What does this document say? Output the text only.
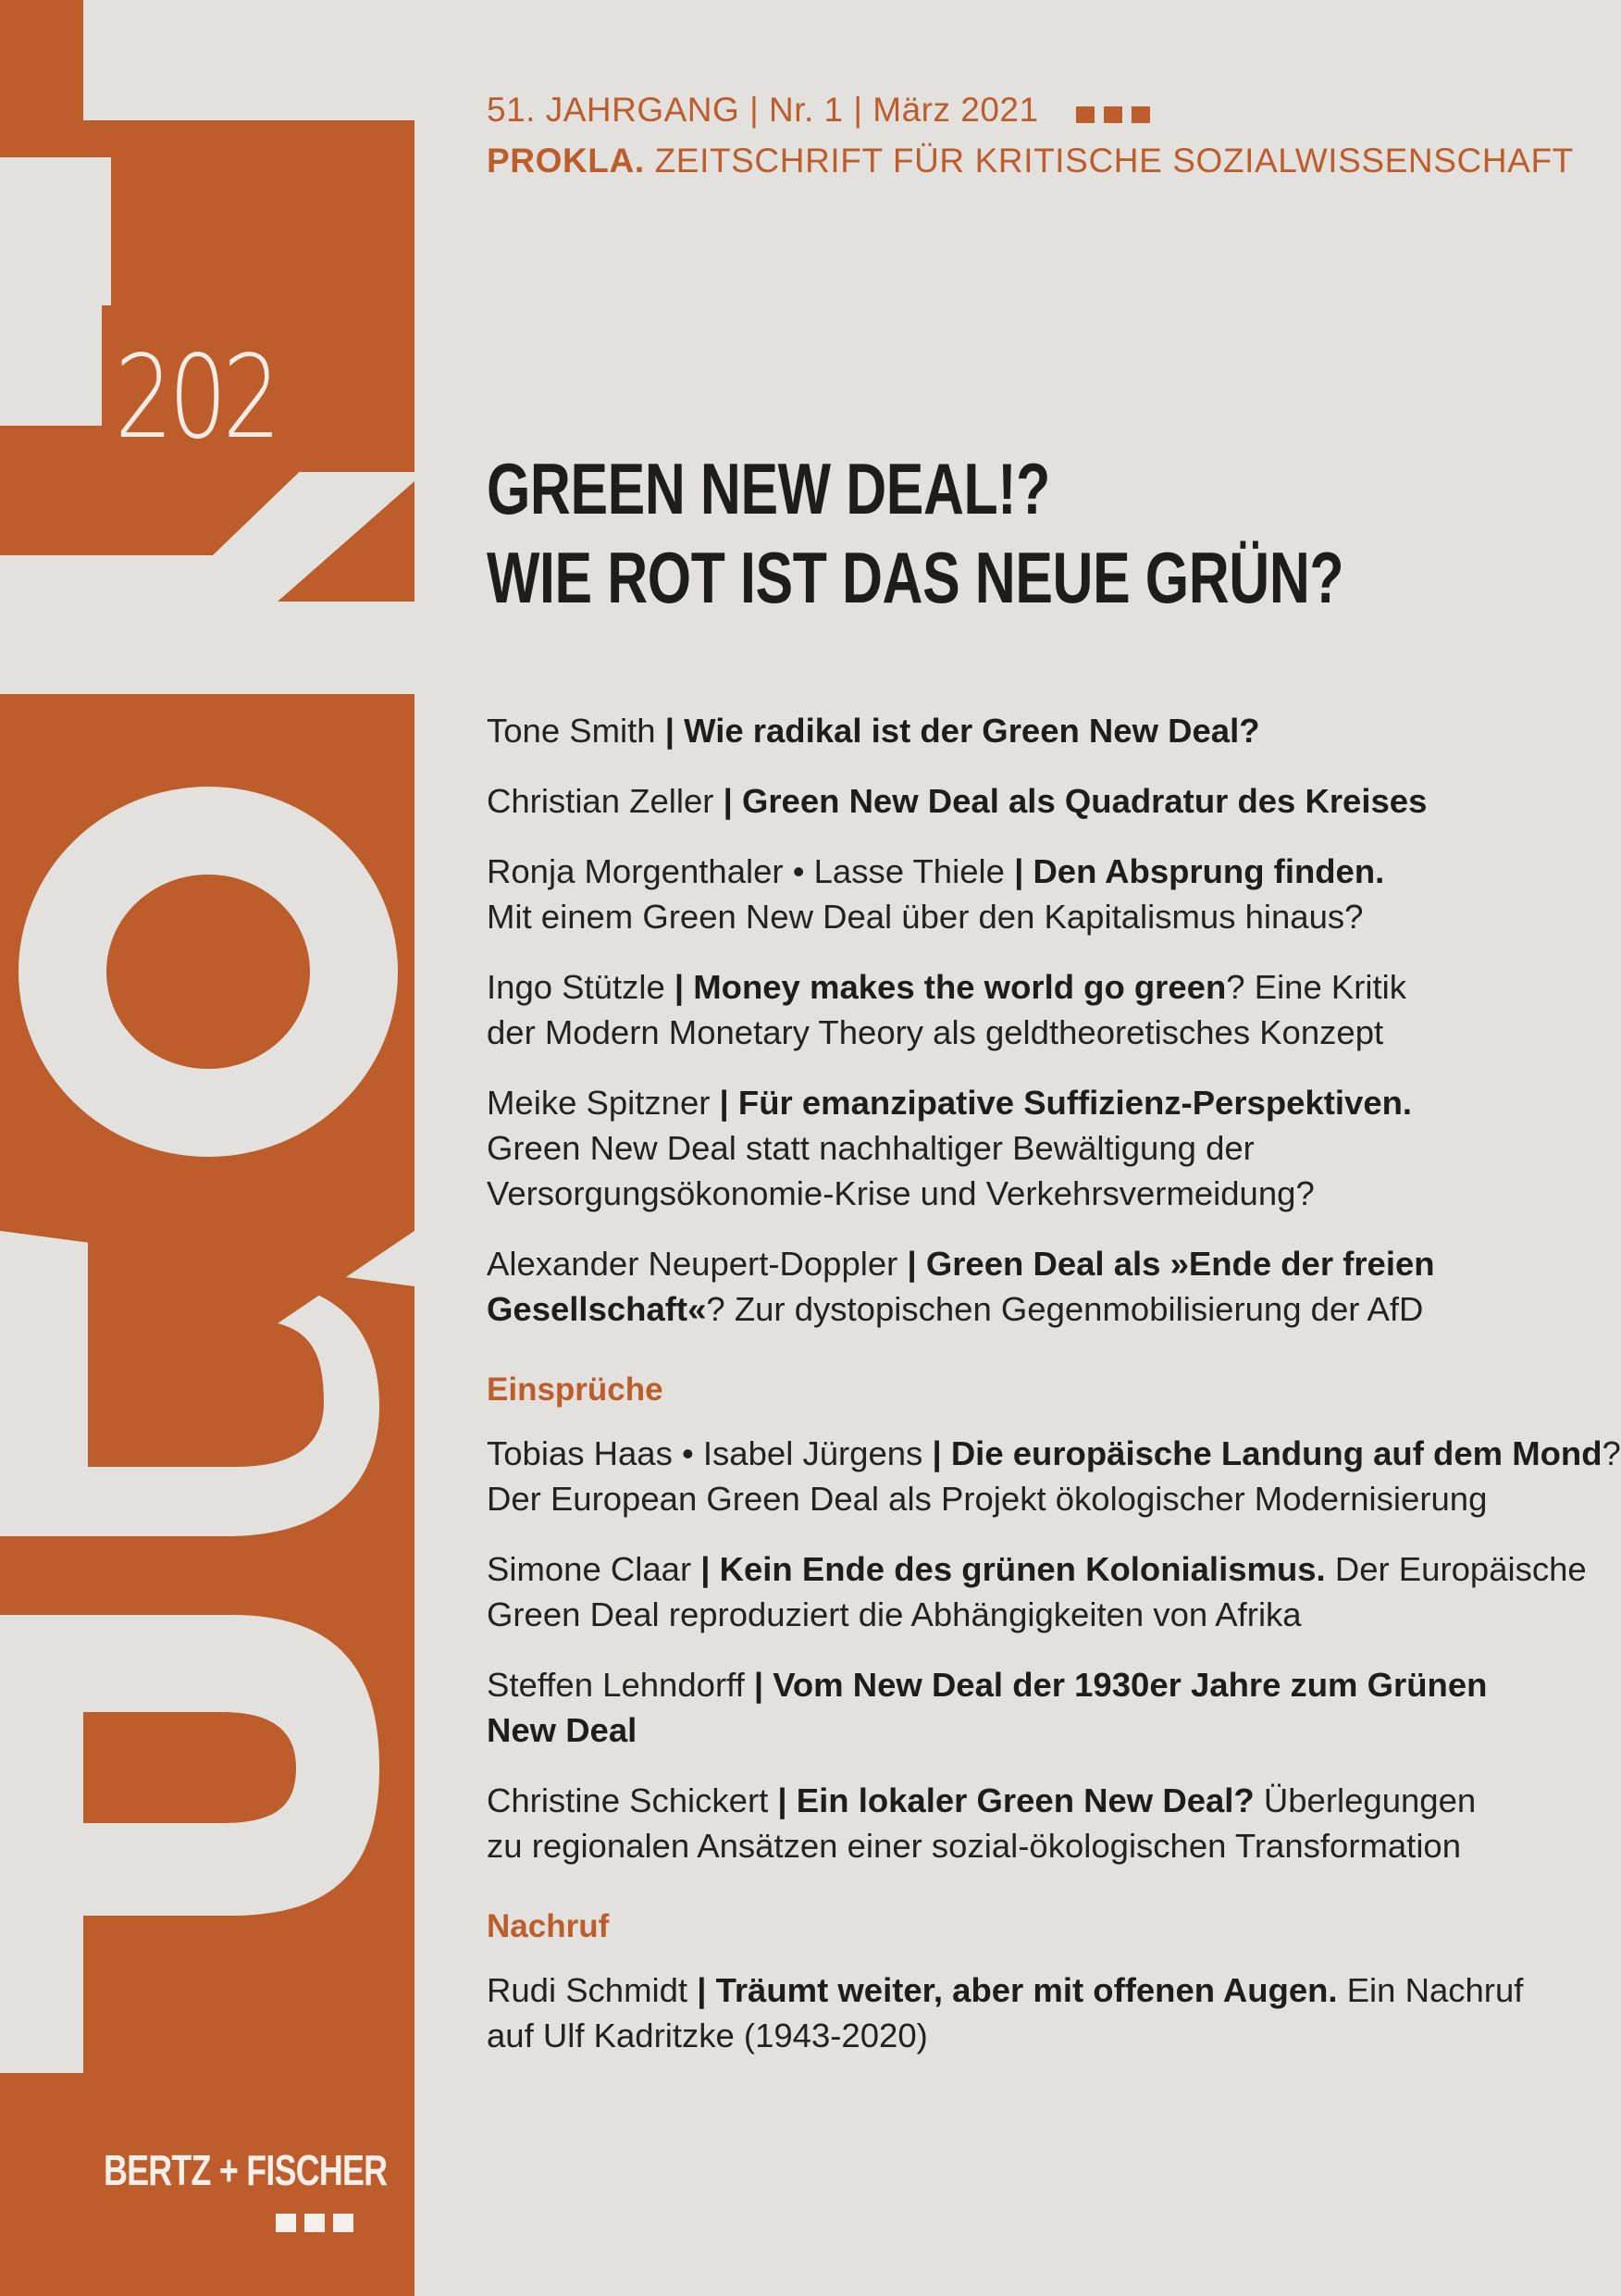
202
BERTZ + FISCHER
51. JAHRGANG | Nr. 1 | März 2021
PROKLA. ZEITSCHRIFT FÜR KRITISCHE SOZIALWISSENSCHAFT
GREEN NEW DEAL!?
WIE ROT IST DAS NEUE GRÜN?
Tone Smith | Wie radikal ist der Green New Deal?
Christian Zeller | Green New Deal als Quadratur des Kreises
Ronja Morgenthaler • Lasse Thiele | Den Absprung finden.
Mit einem Green New Deal über den Kapitalismus hinaus?
Ingo Stützle | Money makes the world go green? Eine Kritik
der Modern Monetary Theory als geldtheoretisches Konzept
Meike Spitzner | Für emanzipative Suffizienz-Perspektiven.
Green New Deal statt nachhaltiger Bewältigung der
Versorgungsökonomie-Krise und Verkehrsvermeidung?
Alexander Neupert-Doppler | Green Deal als »Ende der freien
Gesellschaft«? Zur dystopischen Gegenmobilisierung der AfD
Einsprüche
Tobias Haas • Isabel Jürgens | Die europäische Landung auf dem Mond?
Der European Green Deal als Projekt ökologischer Modernisierung
Simone Claar | Kein Ende des grünen Kolonialismus. Der Europäische
Green Deal reproduziert die Abhängigkeiten von Afrika
Steffen Lehndorff | Vom New Deal der 1930er Jahre zum Grünen
New Deal
Christine Schickert | Ein lokaler Green New Deal? Überlegungen
zu regionalen Ansätzen einer sozial-ökologischen Transformation
Nachruf
Rudi Schmidt | Träumt weiter, aber mit offenen Augen. Ein Nachruf
auf Ulf Kadritzke (1943-2020)
